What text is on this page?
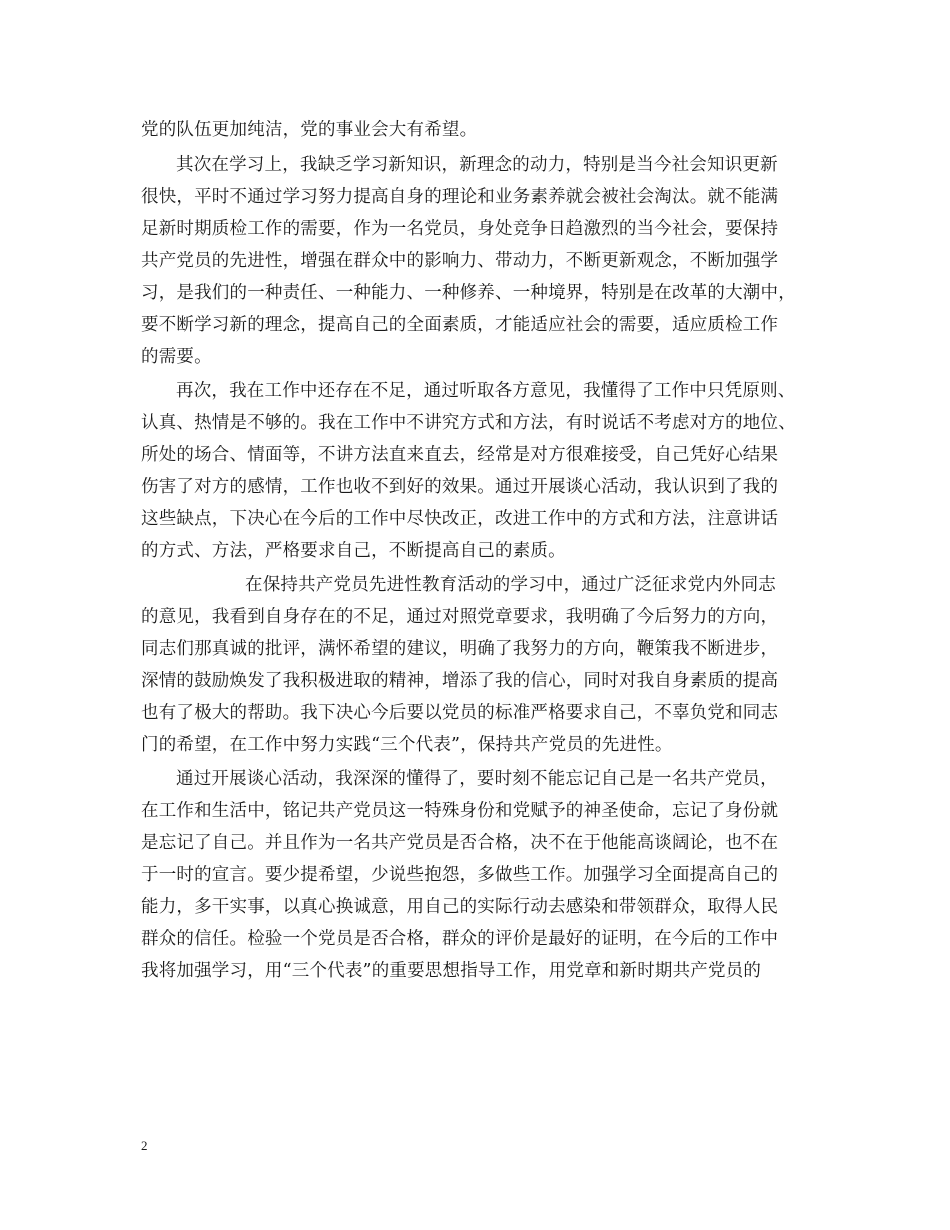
党的队伍更加纯洁，党的事业会大有希望。
其次在学习上，我缺乏学习新知识，新理念的动力，特别是当今社会知识更新
很快，平时不通过学习努力提高自身的理论和业务素养就会被社会淘汰。就不能满
足新时期质检工作的需要，作为一名党员，身处竞争日趋激烈的当今社会，要保持
共产党员的先进性，增强在群众中的影响力、带动力，不断更新观念，不断加强学
习，是我们的一种责任、一种能力、一种修养、一种境界，特别是在改革的大潮中，
要不断学习新的理念，提高自己的全面素质，才能适应社会的需要，适应质检工作
的需要。
再次，我在工作中还存在不足，通过听取各方意见，我懂得了工作中只凭原则、
认真、热情是不够的。我在工作中不讲究方式和方法，有时说话不考虑对方的地位、
所处的场合、情面等，不讲方法直来直去，经常是对方很难接受，自己凭好心结果
伤害了对方的感情，工作也收不到好的效果。通过开展谈心活动，我认识到了我的
这些缺点，下决心在今后的工作中尽快改正，改进工作中的方式和方法，注意讲话
的方式、方法，严格要求自己，不断提高自己的素质。
在保持共产党员先进性教育活动的学习中，通过广泛征求党内外同志
的意见，我看到自身存在的不足，通过对照党章要求，我明确了今后努力的方向，
同志们那真诚的批评，满怀希望的建议，明确了我努力的方向，鞭策我不断进步，
深情的鼓励焕发了我积极进取的精神，增添了我的信心，同时对我自身素质的提高
也有了极大的帮助。我下决心今后要以党员的标准严格要求自己，不辜负党和同志
门的希望，在工作中努力实践“三个代表”，保持共产党员的先进性。
通过开展谈心活动，我深深的懂得了，要时刻不能忘记自己是一名共产党员，
在工作和生活中，铭记共产党员这一特殊身份和党赋予的神圣使命，忘记了身份就
是忘记了自己。并且作为一名共产党员是否合格，决不在于他能高谈阔论，也不在
于一时的宣言。要少提希望，少说些抱怨，多做些工作。加强学习全面提高自己的
能力，多干实事，以真心换诚意，用自己的实际行动去感染和带领群众，取得人民
群众的信任。检验一个党员是否合格，群众的评价是最好的证明，在今后的工作中
我将加强学习，用“三个代表”的重要思想指导工作，用党章和新时期共产党员的
2
